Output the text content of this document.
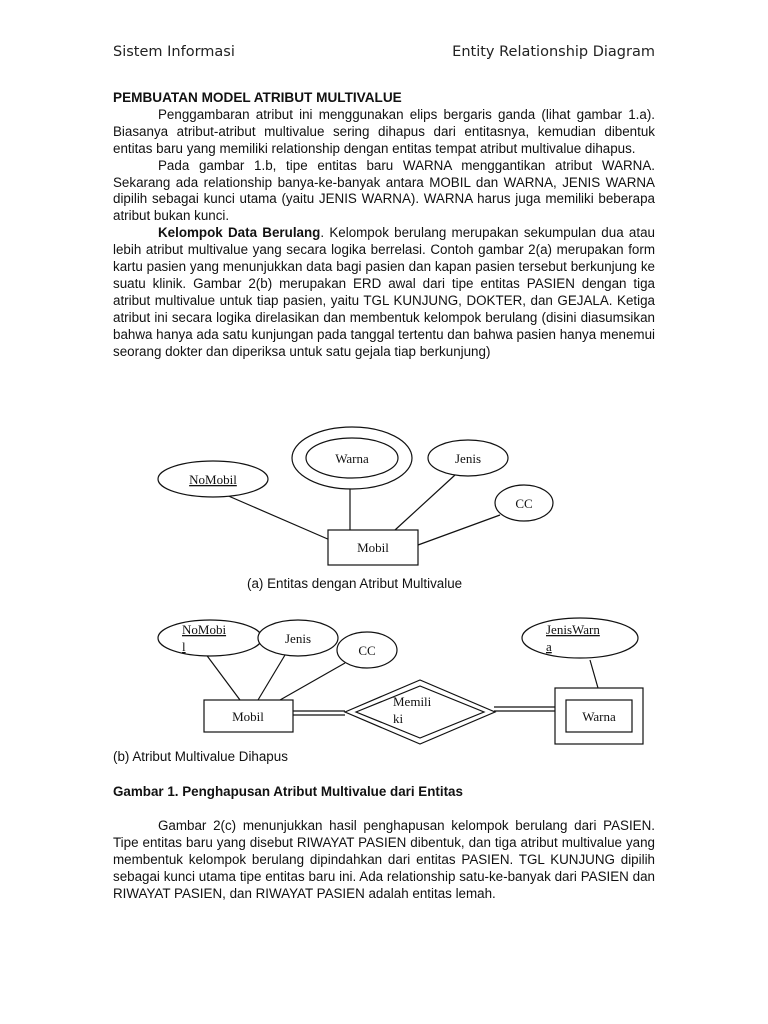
Sistem Informasi	Entity Relationship Diagram

PEMBUATAN MODEL ATRIBUT MULTIVALUE

Penggambaran atribut ini menggunakan elips bergaris ganda (lihat gambar 1.a). Biasanya atribut-atribut multivalue sering dihapus dari entitasnya, kemudian dibentuk entitas baru yang memiliki relationship dengan entitas tempat atribut multivalue dihapus.

Pada gambar 1.b, tipe entitas baru WARNA menggantikan atribut WARNA. Sekarang ada relationship banya-ke-banyak antara MOBIL dan WARNA, JENIS WARNA dipilih sebagai kunci utama (yaitu JENIS WARNA). WARNA harus juga memiliki beberapa atribut bukan kunci.

Kelompok Data Berulang. Kelompok berulang merupakan sekumpulan dua atau lebih atribut multivalue yang secara logika berrelasi. Contoh gambar 2(a) merupakan form kartu pasien yang menunjukkan data bagi pasien dan kapan pasien tersebut berkunjung ke suatu klinik. Gambar 2(b) merupakan ERD awal dari tipe entitas PASIEN dengan tiga atribut multivalue untuk tiap pasien, yaitu TGL KUNJUNG, DOKTER, dan GEJALA. Ketiga atribut ini secara logika direlasikan dan membentuk kelompok berulang (disini diasumsikan bahwa hanya ada satu kunjungan pada tanggal tertentu dan bahwa pasien hanya menemui seorang dokter dan diperiksa untuk satu gejala tiap berkunjung)

Warna	Jenis
NoMobil
CC
Mobil
(a) Entitas dengan Atribut Multivalue
NoMobi
l
Jenis
CC
JenisWarn
a
Mobil
Memili
ki	Warna
(b) Atribut Multivalue Dihapus
Gambar 1. Penghapusan Atribut Multivalue dari Entitas

Gambar 2(c) menunjukkan hasil penghapusan kelompok berulang dari PASIEN. Tipe entitas baru yang disebut RIWAYAT PASIEN dibentuk, dan tiga atribut multivalue yang membentuk kelompok berulang dipindahkan dari entitas PASIEN. TGL KUNJUNG dipilih sebagai kunci utama tipe entitas baru ini. Ada relationship satu-ke-banyak dari PASIEN dan RIWAYAT PASIEN, dan RIWAYAT PASIEN adalah entitas lemah.
